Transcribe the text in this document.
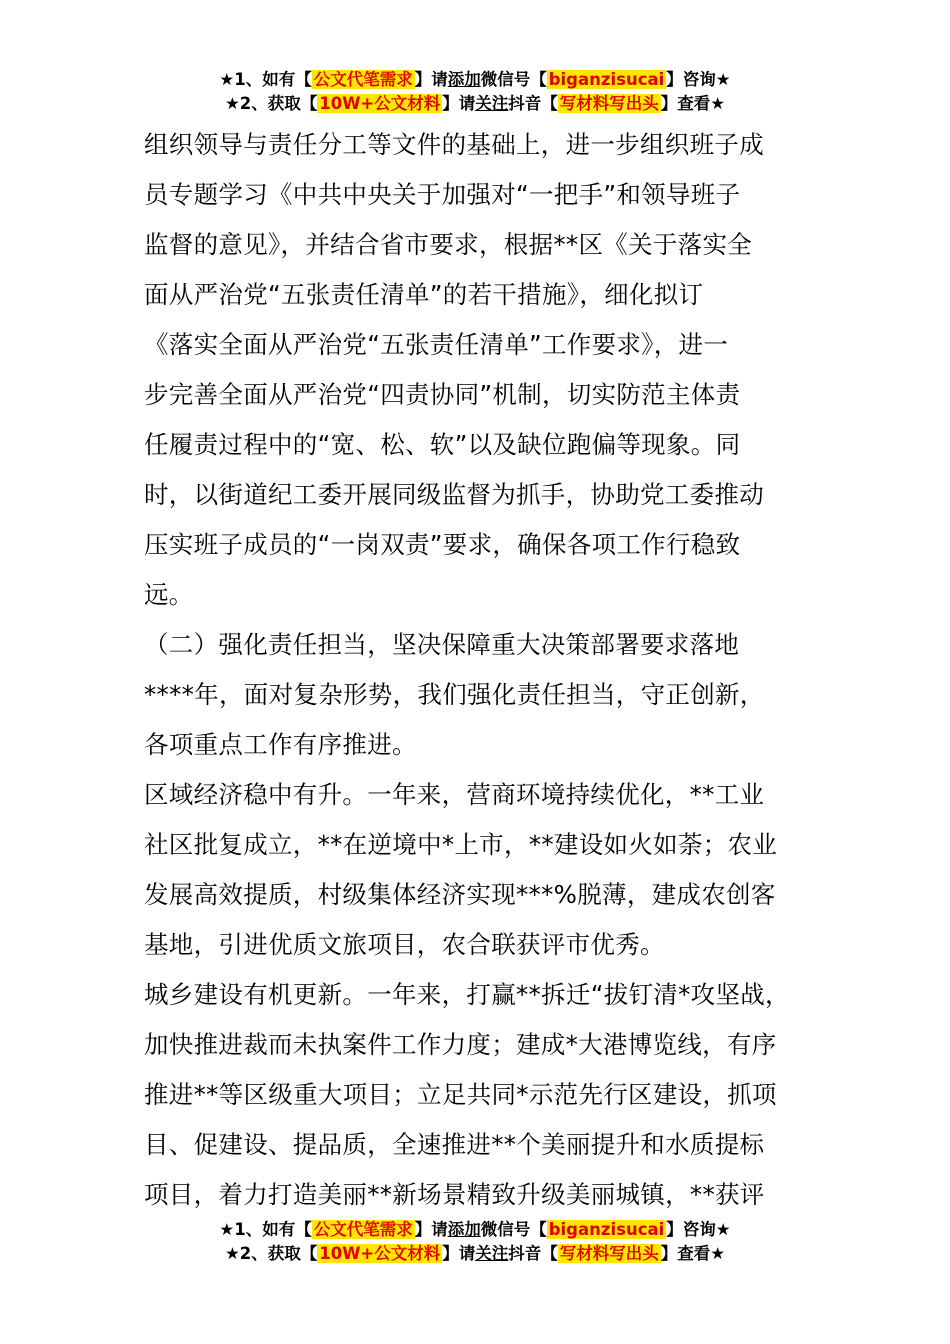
★1、如有【 公文代笔需求 】请添加微信号【 biganzisucai 】咨询★
★2、获取【 10W+公文材料 】请关注抖音【 写材料写出头 】查看★
组织领导与责任分工等文件的基础上，进一步组织班子成
员专题学习《中共中央关于加强对“一把手”和领导班子
监督的意见》，并结合省市要求，根据**区《关于落实全
面从严治党“五张责任清单”的若干措施》，细化拟订
《落实全面从严治党“五张责任清单”工作要求》，进一
步完善全面从严治党“四责协同”机制，切实防范主体责
任履责过程中的“宽、松、软”以及缺位跑偏等现象。同
时，以街道纪工委开展同级监督为抓手，协助党工委推动
压实班子成员的“一岗双责”要求，确保各项工作行稳致
远。
（二）强化责任担当，坚决保障重大决策部署要求落地
****年，面对复杂形势，我们强化责任担当，守正创新，
各项重点工作有序推进。
区域经济稳中有升。一年来，营商环境持续优化，**工业
社区批复成立，**在逆境中*上市，**建设如火如荼；农业
发展高效提质，村级集体经济实现***%脱薄，建成农创客
基地，引进优质文旅项目，农合联获评市优秀。
城乡建设有机更新。一年来，打赢**拆迁“拔钉清*攻坚战，
加快推进裁而未执案件工作力度；建成*大港博览线，有序
推进**等区级重大项目；立足共同*示范先行区建设，抓项
目、促建设、提品质，全速推进**个美丽提升和水质提标
项目，着力打造美丽**新场景精致升级美丽城镇，**获评
★1、如有【 公文代笔需求 】请添加微信号【 biganzisucai 】咨询★
★2、获取【 10W+公文材料 】请关注抖音【 写材料写出头 】查看★
